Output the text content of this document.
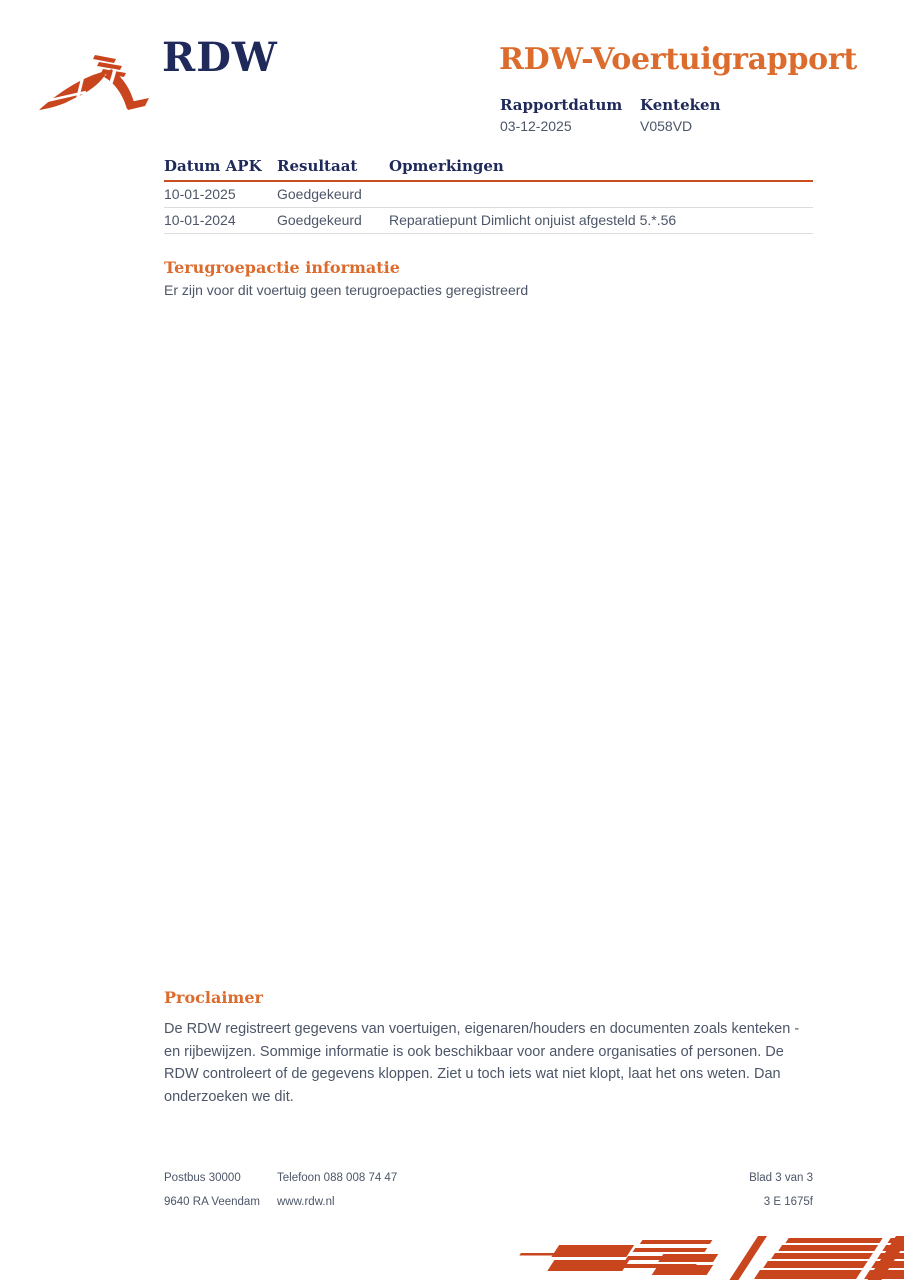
RDW	RDW-Voertuigrapport
Rapportdatum
03-12-2025
Kenteken
V058VD
Datum APK	Resultaat	Opmerkingen
10-01-2025	Goedgekeurd	
10-01-2024	Goedgekeurd	Reparatiepunt Dimlicht onjuist afgesteld 5.*.56
Terugroepactie informatie
Er zijn voor dit voertuig geen terugroepacties geregistreerd
Proclaimer
De RDW registreert gegevens van voertuigen, eigenaren/houders en documenten zoals kenteken - en rijbewijzen. Sommige informatie is ook beschikbaar voor andere organisaties of personen. De RDW controleert of de gegevens kloppen. Ziet u toch iets wat niet klopt, laat het ons weten. Dan onderzoeken we dit.
Postbus 30000
9640 RA Veendam
Telefoon 088 008 74 47
www.rdw.nl
Blad 3 van 3
3 E 1675f
